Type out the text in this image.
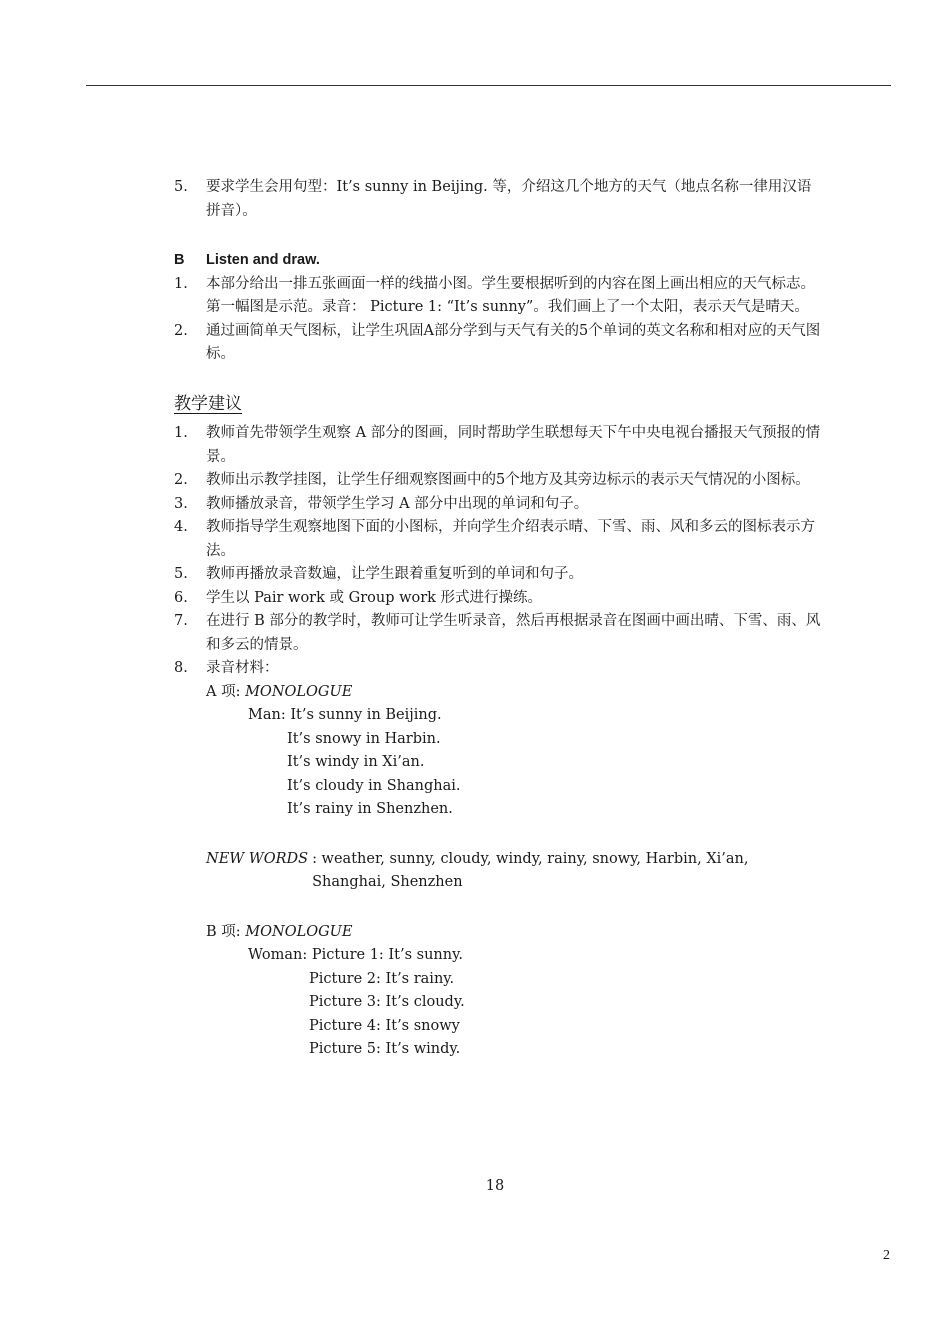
5. 要求学生会用句型：It’s sunny in Beijing. 等，介绍这几个地方的天气（地点名称一律用汉语拼音）。
B Listen and draw.
1. 本部分给出一排五张画面一样的线描小图。学生要根据听到的内容在图上画出相应的天气标志。第一幅图是示范。录音： Picture 1: “It’s sunny”。我们画上了一个太阳，表示天气是晴天。
2. 通过画简单天气图标，让学生巩固A部分学到与天气有关的5个单词的英文名称和相对应的天气图标。
教学建议
1. 教师首先带领学生观察 A 部分的图画，同时帮助学生联想每天下午中央电视台播报天气预报的情景。
2. 教师出示教学挂图，让学生仔细观察图画中的5个地方及其旁边标示的表示天气情况的小图标。
3. 教师播放录音，带领学生学习 A 部分中出现的单词和句子。
4. 教师指导学生观察地图下面的小图标，并向学生介绍表示晴、下雪、雨、风和多云的图标表示方法。
5. 教师再播放录音数遍，让学生跟着重复听到的单词和句子。
6. 学生以 Pair work 或 Group work 形式进行操练。
7. 在进行 B 部分的教学时，教师可让学生听录音，然后再根据录音在图画中画出晴、下雪、雨、风和多云的情景。
8. 录音材料：
A 项: MONOLOGUE
Man: It’s sunny in Beijing.
It’s snowy in Harbin.
It’s windy in Xi’an.
It’s cloudy in Shanghai.
It’s rainy in Shenzhen.
NEW WORDS : weather, sunny, cloudy, windy, rainy, snowy, Harbin, Xi’an, Shanghai, Shenzhen
B 项: MONOLOGUE
Woman: Picture 1: It’s sunny.
Picture 2: It’s rainy.
Picture 3: It’s cloudy.
Picture 4: It’s snowy
Picture 5: It’s windy.
18
2
